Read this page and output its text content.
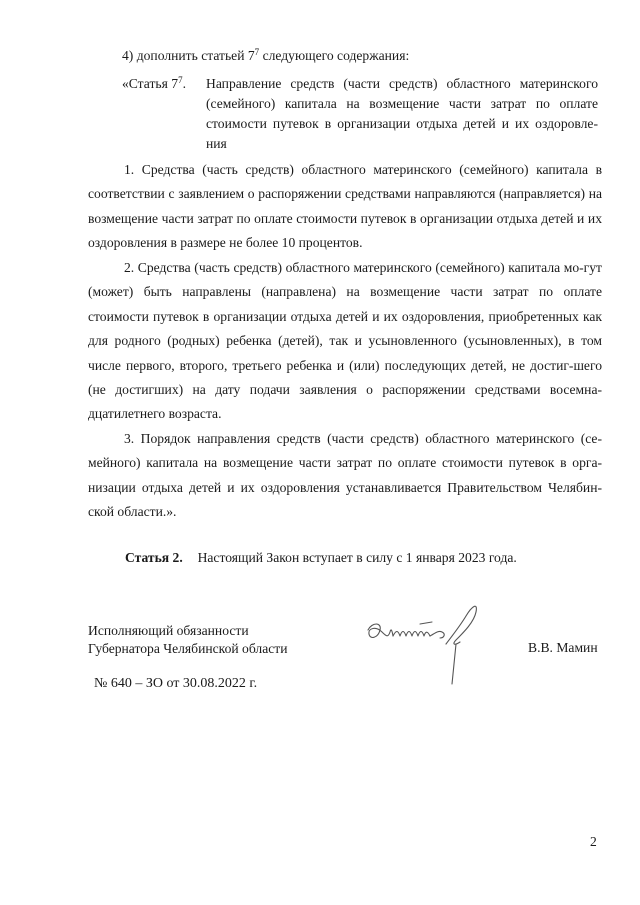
4) дополнить статьей $7^7$ следующего содержания:
«Статья $7^7$. Направление средств (части средств) областного материнского
(семейного) капитала на возмещение части затрат по оплате
стоимости путевок в организации отдыха детей и их оздоровле-
ния
1. Средства (часть средств) областного материнского (семейного) капитала в соответствии с заявлением о распоряжении средствами направляются (направляется) на возмещение части затрат по оплате стоимости путевок в организации отдыха детей и их оздоровления в размере не более 10 процентов.
2. Средства (часть средств) областного материнского (семейного) капитала мо-гут (может) быть направлены (направлена) на возмещение части затрат по оплате стоимости путевок в организации отдыха детей и их оздоровления, приобретенных как для родного (родных) ребенка (детей), так и усыновленного (усыновленных), в том числе первого, второго, третьего ребенка и (или) последующих детей, не достиг-шего (не достигших) на дату подачи заявления о распоряжении средствами восемна-дцатилетнего возраста.
3. Порядок направления средств (части средств) областного материнского (се-мейного) капитала на возмещение части затрат по оплате стоимости путевок в орга-низации отдыха детей и их оздоровления устанавливается Правительством Челябин-ской области.».
Статья 2. Настоящий Закон вступает в силу с 1 января 2023 года.
Исполняющий обязанности
Губернатора Челябинской области	В.В. Мамин
№ 640 – ЗО от 30.08.2022 г.
2
